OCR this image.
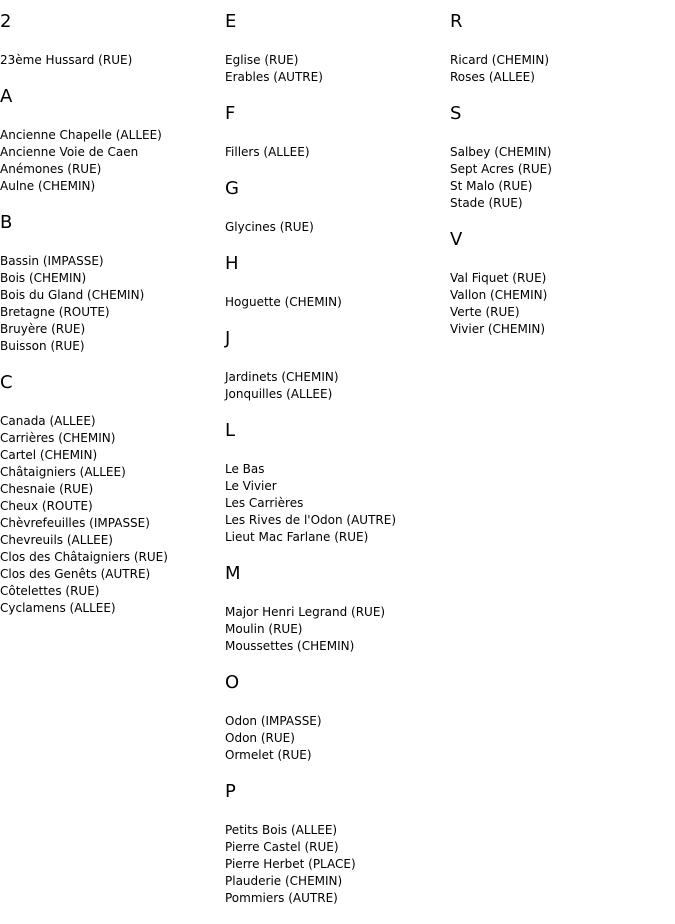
2
23ème Hussard (RUE)
A
Ancienne Chapelle (ALLEE)
Ancienne Voie de Caen
Anémones (RUE)
Aulne (CHEMIN)
B
Bassin (IMPASSE)
Bois (CHEMIN)
Bois du Gland (CHEMIN)
Bretagne (ROUTE)
Bruyère (RUE)
Buisson (RUE)
C
Canada (ALLEE)
Carrières (CHEMIN)
Cartel (CHEMIN)
Châtaigniers (ALLEE)
Chesnaie (RUE)
Cheux (ROUTE)
Chèvrefeuilles (IMPASSE)
Chevreuils (ALLEE)
Clos des Châtaigniers (RUE)
Clos des Genêts (AUTRE)
Côtelettes (RUE)
Cyclamens (ALLEE)
E
Eglise (RUE)
Erables (AUTRE)
F
Fillers (ALLEE)
G
Glycines (RUE)
H
Hoguette (CHEMIN)
J
Jardinets (CHEMIN)
Jonquilles (ALLEE)
L
Le Bas
Le Vivier
Les Carrières
Les Rives de l'Odon (AUTRE)
Lieut Mac Farlane (RUE)
M
Major Henri Legrand (RUE)
Moulin (RUE)
Moussettes (CHEMIN)
O
Odon (IMPASSE)
Odon (RUE)
Ormelet (RUE)
P
Petits Bois (ALLEE)
Pierre Castel (RUE)
Pierre Herbet (PLACE)
Plauderie (CHEMIN)
Pommiers (AUTRE)
R
Ricard (CHEMIN)
Roses (ALLEE)
S
Salbey (CHEMIN)
Sept Acres (RUE)
St Malo (RUE)
Stade (RUE)
V
Val Fiquet (RUE)
Vallon (CHEMIN)
Verte (RUE)
Vivier (CHEMIN)
